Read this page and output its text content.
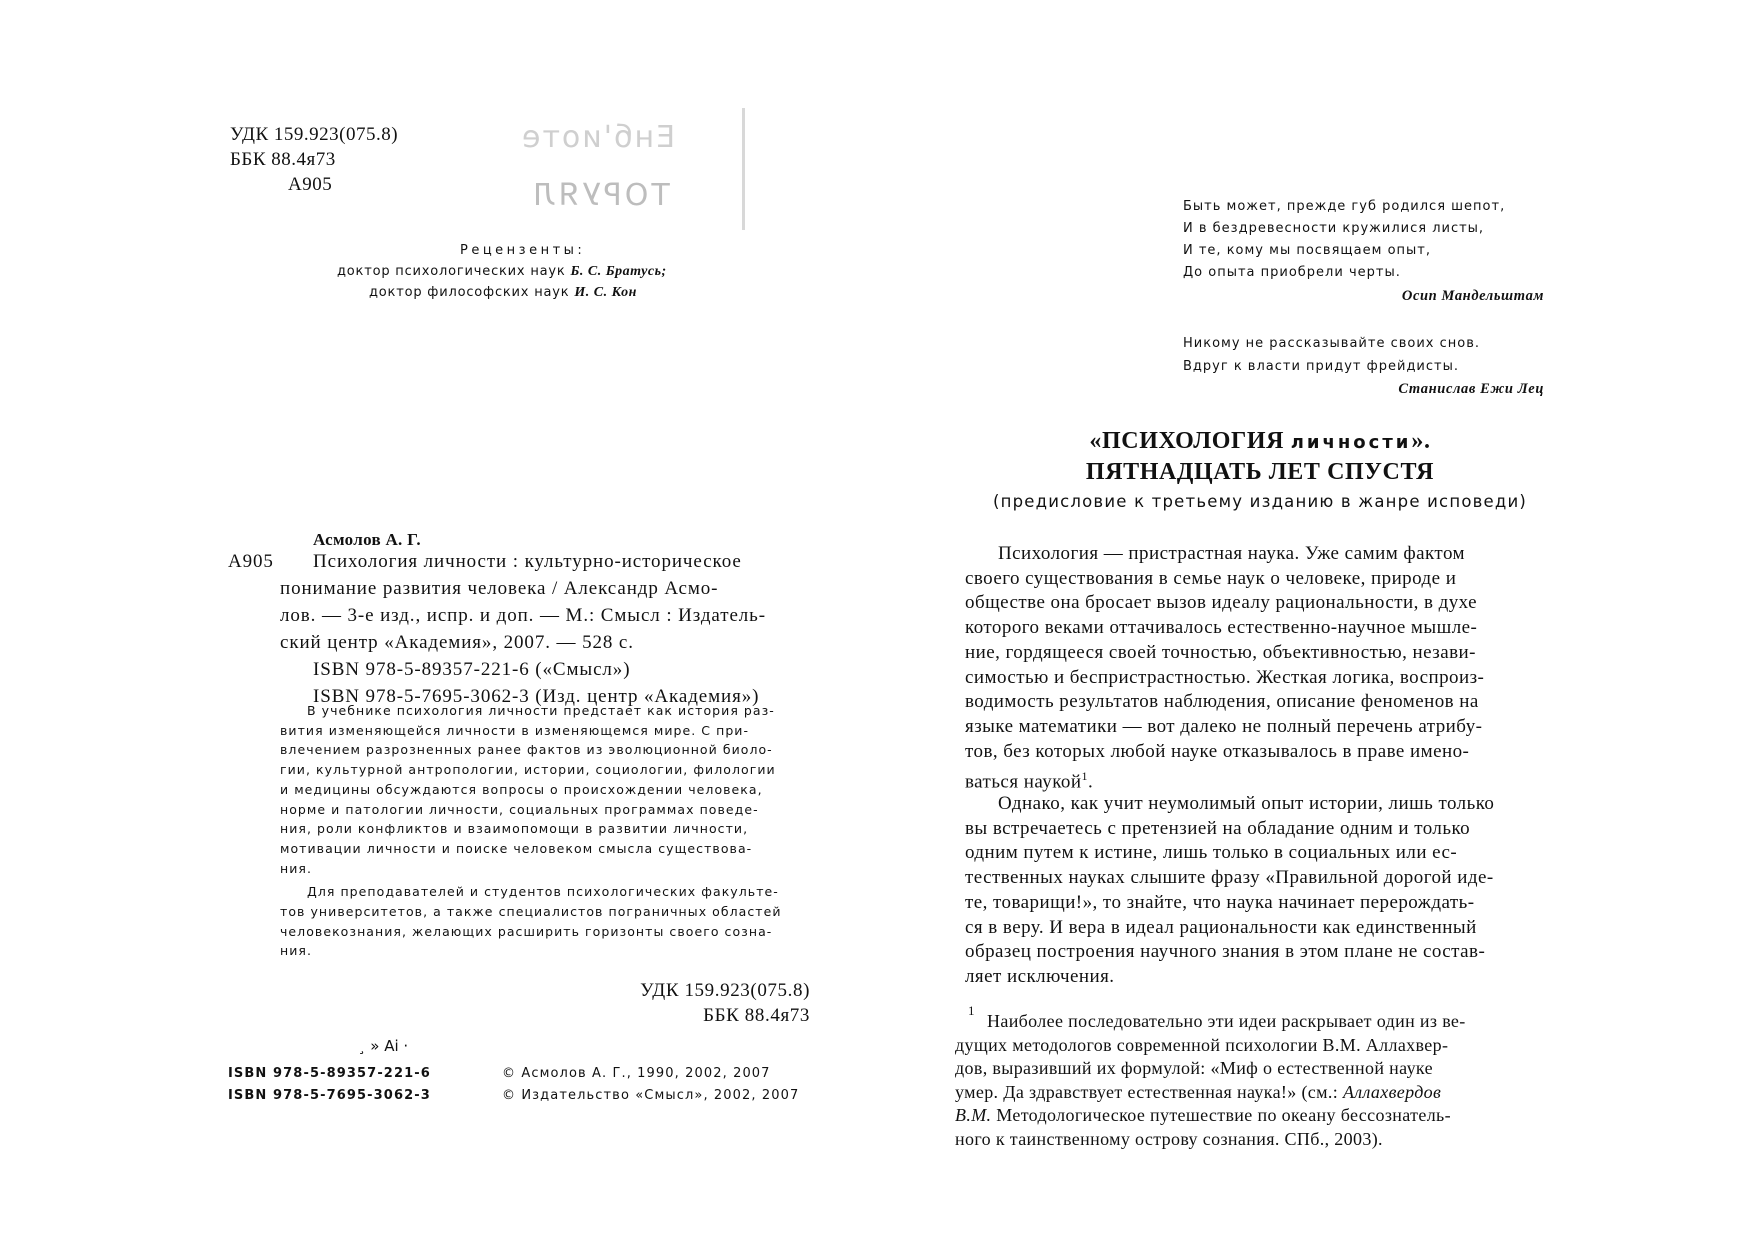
УДК 159.923(075.8)
ББК 88.4я73
А905
Енб'иоте
ТОРУЯЛ
Рецензенты:
доктор психологических наук Б. С. Братусь;
доктор философских наук И. С. Кон
Асмолов А. Г.
А905 Психология личности : культурно-историческое
понимание развития человека / Александр Асмо-
лов. — 3-е изд., испр. и доп. — М.: Смысл : Издатель-
ский центр «Академия», 2007. — 528 с.
ISBN 978-5-89357-221-6 («Смысл»)
ISBN 978-5-7695-3062-3 (Изд. центр «Академия»)
В учебнике психология личности предстает как история раз-
вития изменяющейся личности в изменяющемся мире. С при-
влечением разрозненных ранее фактов из эволюционной биоло-
гии, культурной антропологии, истории, социологии, филологии
и медицины обсуждаются вопросы о происхождении человека,
норме и патологии личности, социальных программах поведе-
ния, роли конфликтов и взаимопомощи в развитии личности,
мотивации личности и поиске человеком смысла существова-
ния.
Для преподавателей и студентов психологических факульте-
тов университетов, а также специалистов пограничных областей
человекознания, желающих расширить горизонты своего созна-
ния.
УДК 159.923(075.8)
ББК 88.4я73
¸ » Ai ·
ISBN 978-5-89357-221-6
ISBN 978-5-7695-3062-3
© Асмолов А. Г., 1990, 2002, 2007
© Издательство «Смысл», 2002, 2007
Быть может, прежде губ родился шепот,
И в бездревесности кружилися листы,
И те, кому мы посвящаем опыт,
До опыта приобрели черты.
Осип Мандельштам
Никому не рассказывайте своих снов.
Вдруг к власти придут фрейдисты.
Станислав Ежи Лец
«ПСИХОЛОГИЯ личности».
ПЯТНАДЦАТЬ ЛЕТ СПУСТЯ
(предисловие к третьему изданию в жанре исповеди)
Психология — пристрастная наука. Уже самим фактом
своего существования в семье наук о человеке, природе и
обществе она бросает вызов идеалу рациональности, в духе
которого веками оттачивалось естественно-научное мышле-
ние, гордящееся своей точностью, объективностью, незави-
симостью и беспристрастностью. Жесткая логика, воспроиз-
водимость результатов наблюдения, описание феноменов на
языке математики — вот далеко не полный перечень атрибу-
тов, без которых любой науке отказывалось в праве имено-
ваться наукой$^1$.
Однако, как учит неумолимый опыт истории, лишь только
вы встречаетесь с претензией на обладание одним и только
одним путем к истине, лишь только в социальных или ес-
тественных науках слышите фразу «Правильной дорогой иде-
те, товарищи!», то знайте, что наука начинает перерождать-
ся в веру. И вера в идеал рациональности как единственный
образец построения научного знания в этом плане не состав-
ляет исключения.
1
Наиболее последовательно эти идеи раскрывает один из ве-
дущих методологов современной психологии В.М. Аллахвер-
дов, выразивший их формулой: «Миф о естественной науке
умер. Да здравствует естественная наука!» (см.: Аллахвердов
В.М. Методологическое путешествие по океану бессознатель-
ного к таинственному острову сознания. СПб., 2003).
